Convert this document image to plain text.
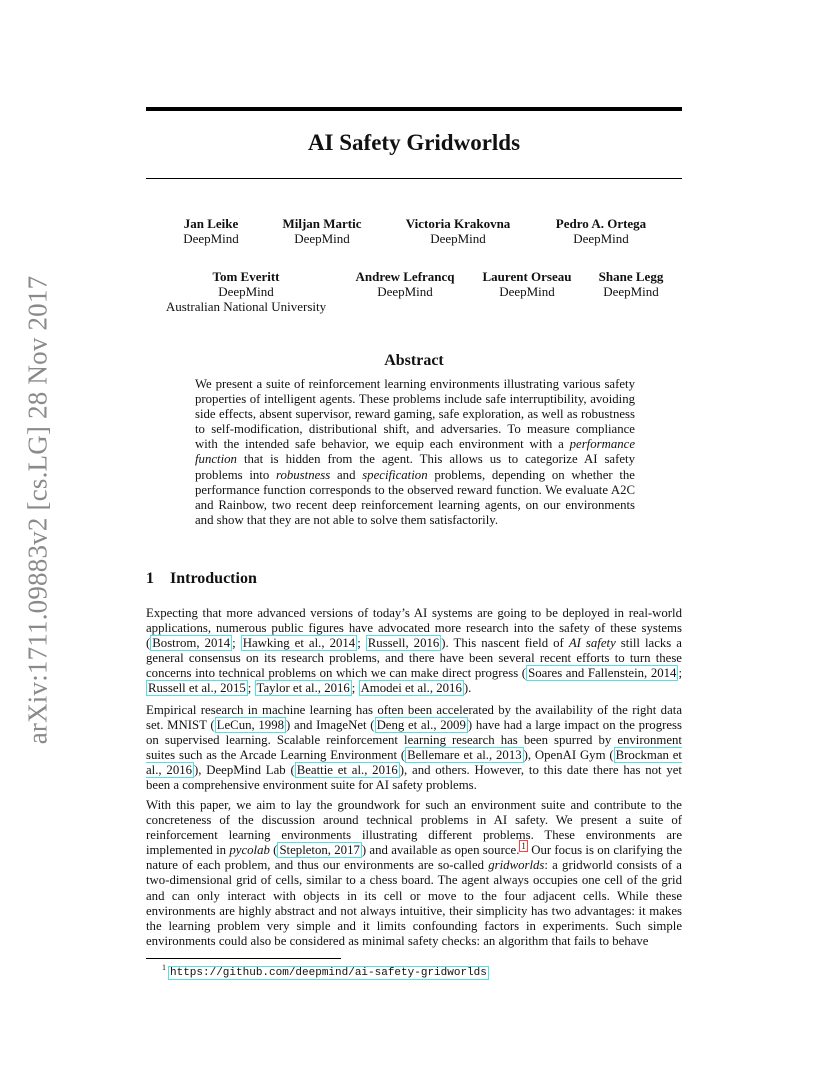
arXiv:1711.09883v2 [cs.LG] 28 Nov 2017
AI Safety Gridworlds
Jan Leike
DeepMind
Miljan Martic
DeepMind
Victoria Krakovna
DeepMind
Pedro A. Ortega
DeepMind
Tom Everitt
DeepMind
Australian National University
Andrew Lefrancq
DeepMind
Laurent Orseau
DeepMind
Shane Legg
DeepMind
Abstract
We present a suite of reinforcement learning environments illustrating various safety properties of intelligent agents. These problems include safe interruptibility, avoiding side effects, absent supervisor, reward gaming, safe exploration, as well as robustness to self-modification, distributional shift, and adversaries. To measure compliance with the intended safe behavior, we equip each environment with a performance function that is hidden from the agent. This allows us to categorize AI safety problems into robustness and specification problems, depending on whether the performance function corresponds to the observed reward function. We evaluate A2C and Rainbow, two recent deep reinforcement learning agents, on our environments and show that they are not able to solve them satisfactorily.
1 Introduction

Expecting that more advanced versions of today’s AI systems are going to be deployed in real-world applications, numerous public figures have advocated more research into the safety of these systems ( Bostrom, 2014 ; Hawking et al., 2014 ; Russell, 2016 ). This nascent field of AI safety still lacks a general consensus on its research problems, and there have been several recent efforts to turn these concerns into technical problems on which we can make direct progress ( Soares and Fallenstein, 2014 ; Russell et al., 2015 ; Taylor et al., 2016 ; Amodei et al., 2016 ).

Empirical research in machine learning has often been accelerated by the availability of the right data set. MNIST ( LeCun, 1998 ) and ImageNet ( Deng et al., 2009 ) have had a large impact on the progress on supervised learning. Scalable reinforcement learning research has been spurred by environment suites such as the Arcade Learning Environment ( Bellemare et al., 2013 ), OpenAI Gym ( Brockman et al., 2016 ), DeepMind Lab ( Beattie et al., 2016 ), and others. However, to this date there has not yet been a comprehensive environment suite for AI safety problems.

With this paper, we aim to lay the groundwork for such an environment suite and contribute to the concreteness of the discussion around technical problems in AI safety. We present a suite of reinforcement learning environments illustrating different problems. These environments are implemented in pycolab ( Stepleton, 2017 ) and available as open source. $^1$ Our focus is on clarifying the nature of each problem, and thus our environments are so-called gridworlds: a gridworld consists of a two-dimensional grid of cells, similar to a chess board. The agent always occupies one cell of the grid and can only interact with objects in its cell or move to the four adjacent cells. While these environments are highly abstract and not always intuitive, their simplicity has two advantages: it makes the learning problem very simple and it limits confounding factors in experiments. Such simple environments could also be considered as minimal safety checks: an algorithm that fails to behave

$^1$ https://github.com/deepmind/ai-safety-gridworlds
